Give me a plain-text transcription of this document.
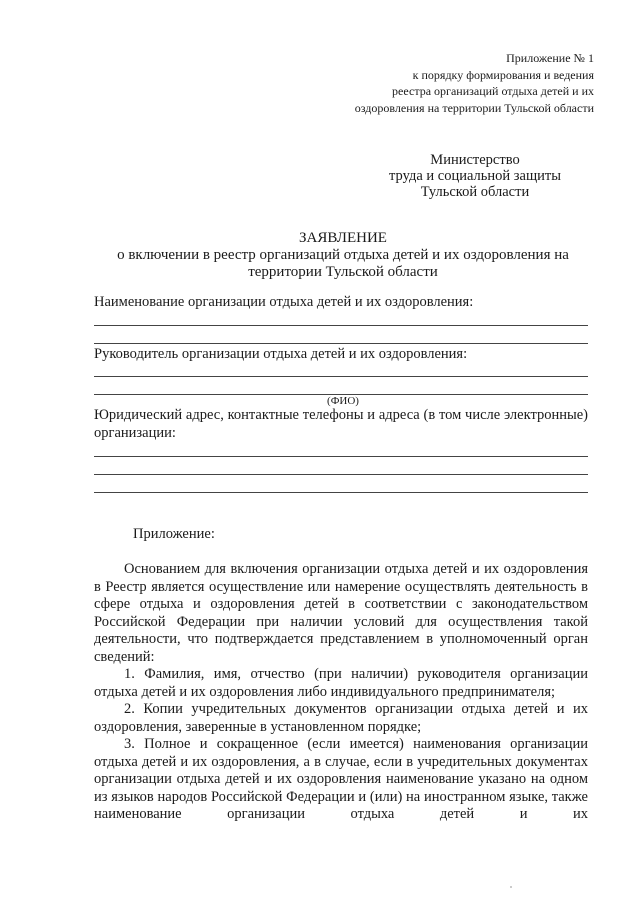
Приложение № 1
к порядку формирования и ведения
реестра организаций отдыха детей и их
оздоровления на территории Тульской области
Министерство
труда и социальной защиты
Тульской области
ЗАЯВЛЕНИЕ
о включении в реестр организаций отдыха детей и их оздоровления на
территории Тульской области
Наименование организации отдыха детей и их оздоровления:
Руководитель организации отдыха детей и их оздоровления:
(ФИО)

Юридический адрес, контактные телефоны и адреса (в том числе электронные) организации:

Приложение:

Основанием для включения организации отдыха детей и их оздоровления в Реестр является осуществление или намерение осуществлять деятельность в сфере отдыха и оздоровления детей в соответствии с законодательством Российской Федерации при наличии условий для осуществления такой деятельности, что подтверждается представлением в уполномоченный орган сведений:

1. Фамилия, имя, отчество (при наличии) руководителя организации отдыха детей и их оздоровления либо индивидуального предпринимателя;

2. Копии учредительных документов организации отдыха детей и их оздоровления, заверенные в установленном порядке;

3. Полное и сокращенное (если имеется) наименования организации отдыха детей и их оздоровления, а в случае, если в учредительных документах организации отдыха детей и их оздоровления наименование указано на одном из языков народов Российской Федерации и (или) на иностранном языке, также наименование организации отдыха детей и их
